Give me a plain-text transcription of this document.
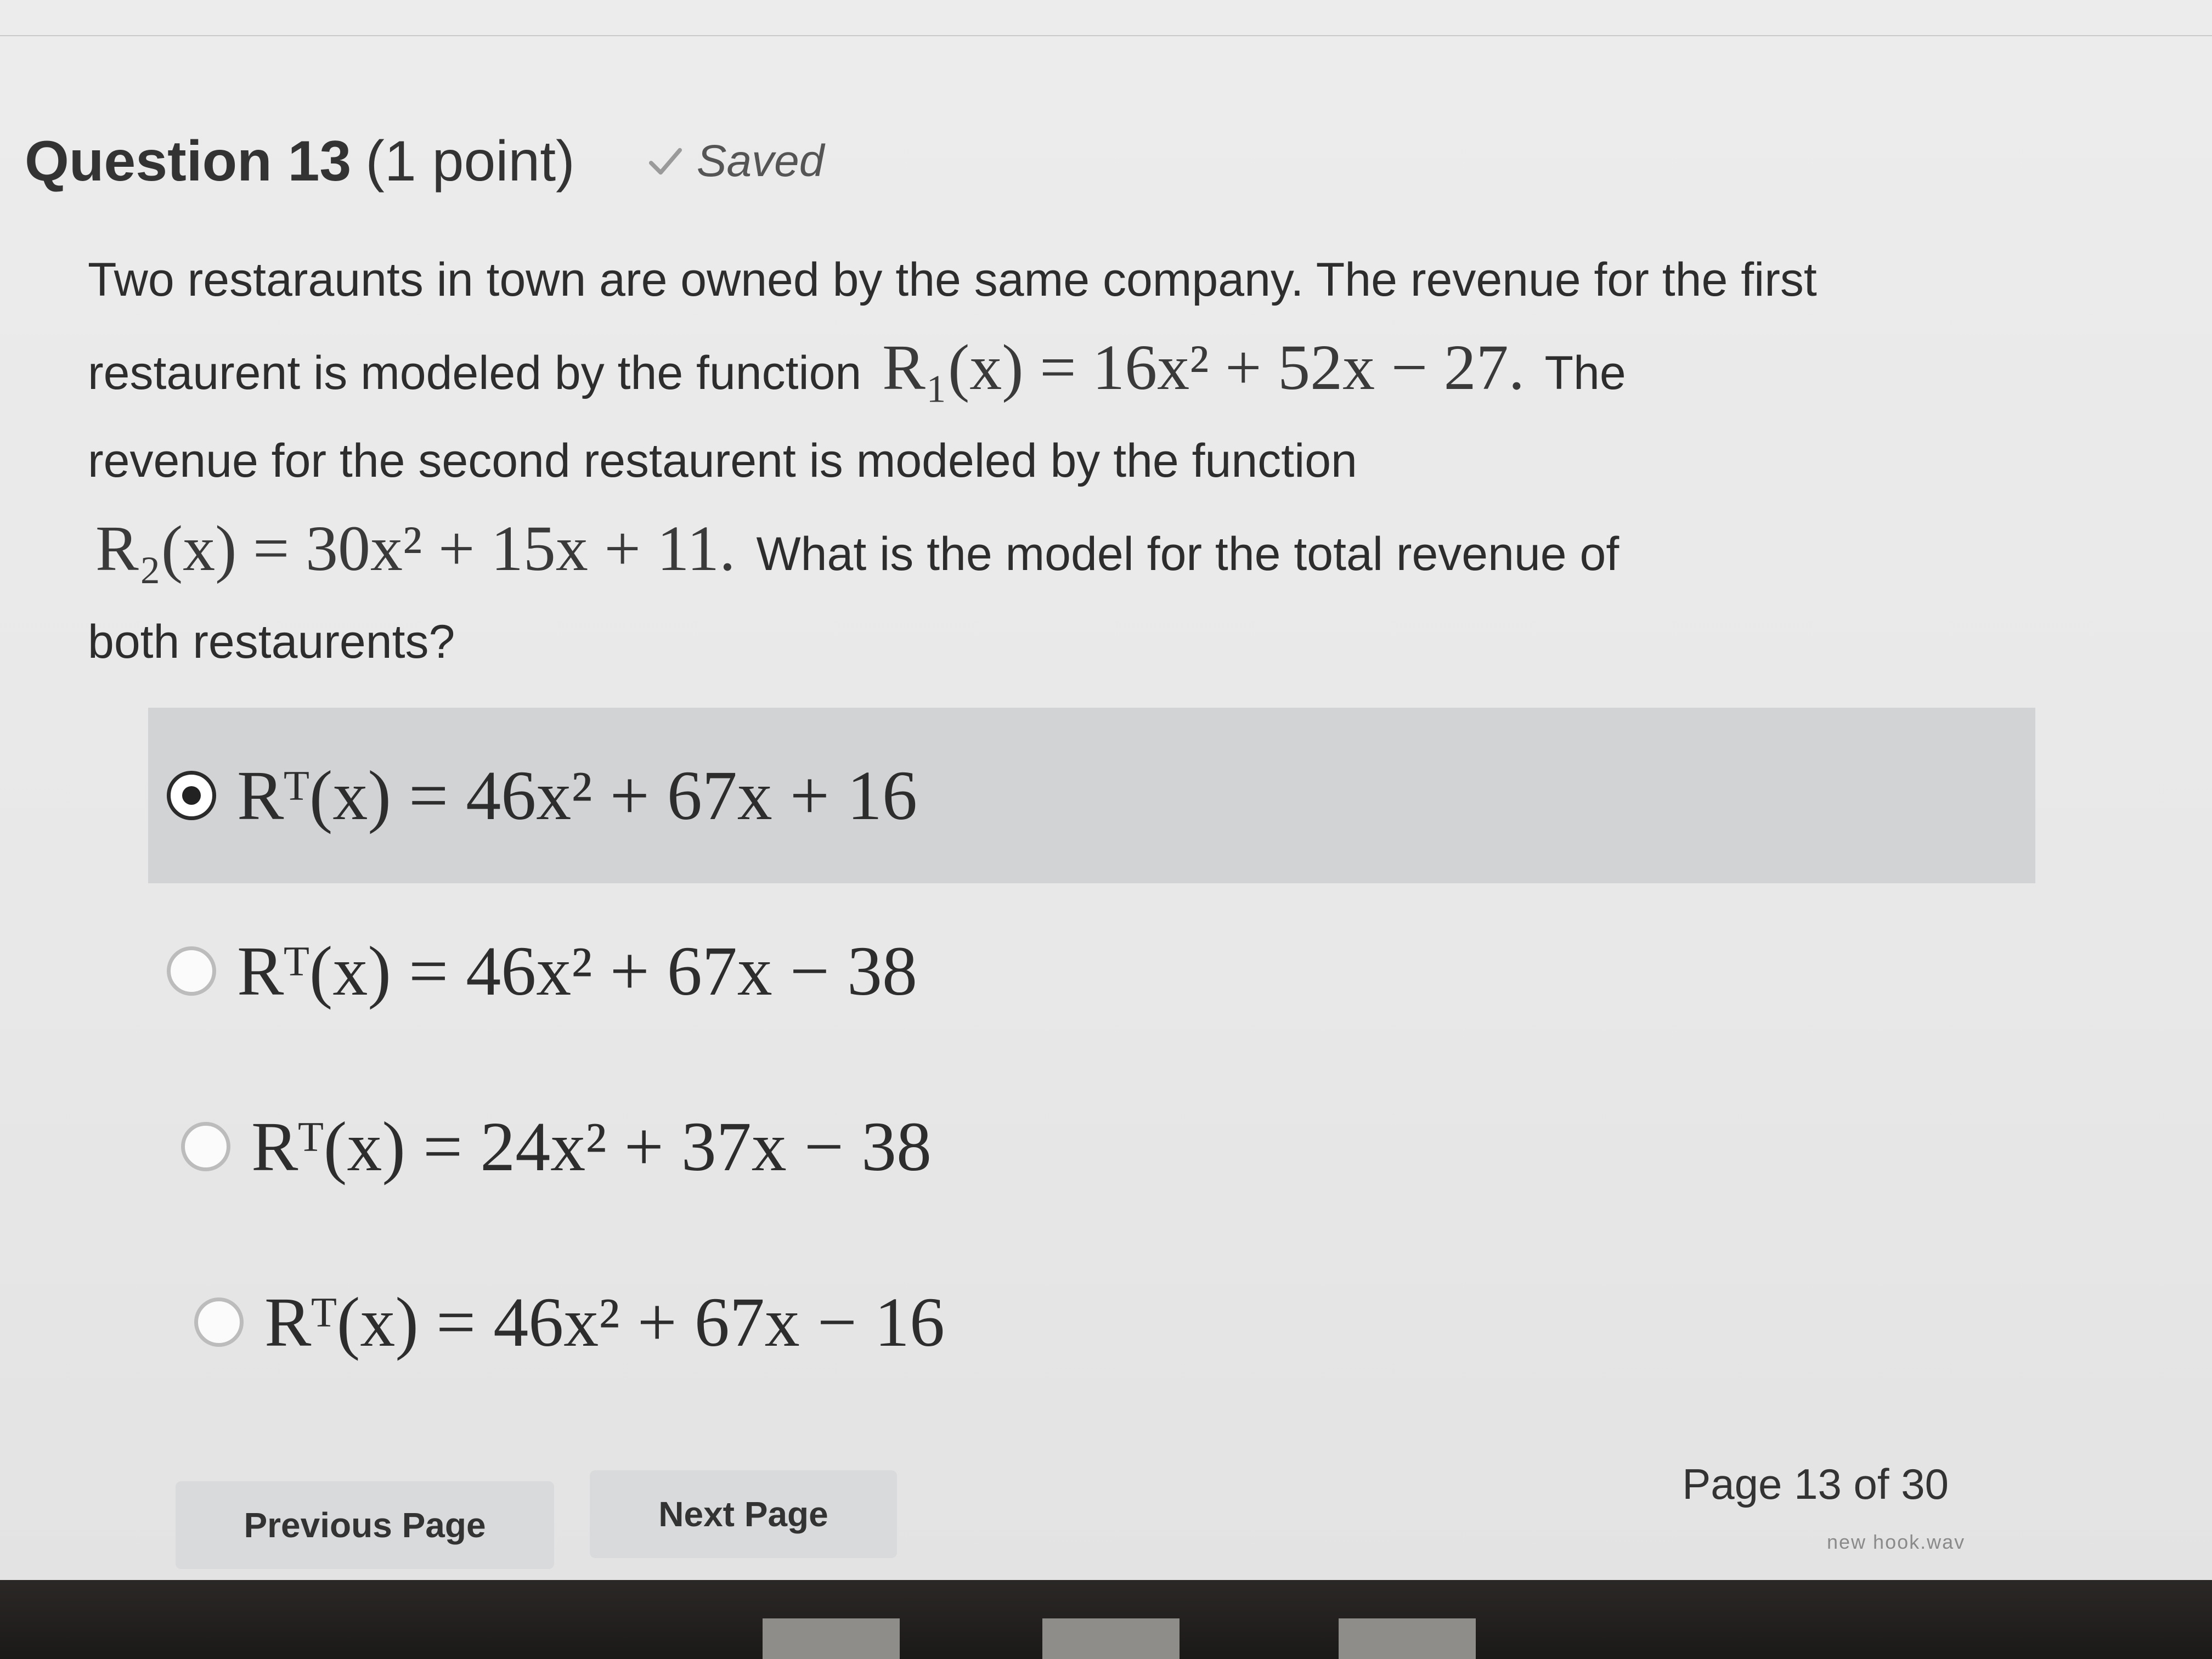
Question 13 (1 point)	Saved
Two restaraunts in town are owned by the same company. The revenue for the first
restaurent is modeled by the function R₁(x) = 16x² + 52x − 27. The
revenue for the second restaurent is modeled by the function
R₂(x) = 30x² + 15x + 11. What is the model for the total revenue of
both restaurents?
Rᵀ(x) = 46x² + 67x + 16
Rᵀ(x) = 46x² + 67x − 38
Rᵀ(x) = 24x² + 37x − 38
Rᵀ(x) = 46x² + 67x − 16
Previous Page	Next Page
Page 13 of 30
new hook.wav
